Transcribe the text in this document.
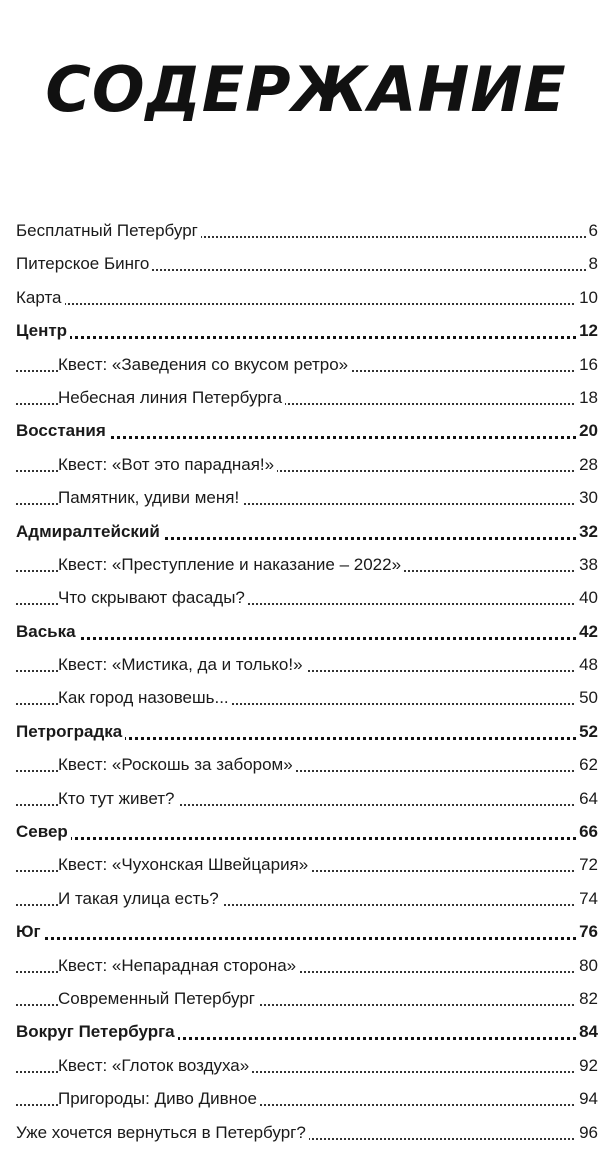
СОДЕРЖАНИЕ
Бесплатный Петербург	6
Питерское Бинго	8
Карта	10
Центр	12
Квест: «Заведения со вкусом ретро»	16
Небесная линия Петербурга	18
Восстания	20
Квест: «Вот это парадная!»	28
Памятник, удиви меня!	30
Адмиралтейский	32
Квест: «Преступление и наказание – 2022»	38
Что скрывают фасады?	40
Васька	42
Квест: «Мистика, да и только!»	48
Как город назовешь...	50
Петроградка	52
Квест: «Роскошь за забором»	62
Кто тут живет?	64
Север	66
Квест: «Чухонская Швейцария»	72
И такая улица есть?	74
Юг	76
Квест: «Непарадная сторона»	80
Современный Петербург	82
Вокруг Петербурга	84
Квест: «Глоток воздуха»	92
Пригороды: Диво Дивное	94
Уже хочется вернуться в Петербург?	96
